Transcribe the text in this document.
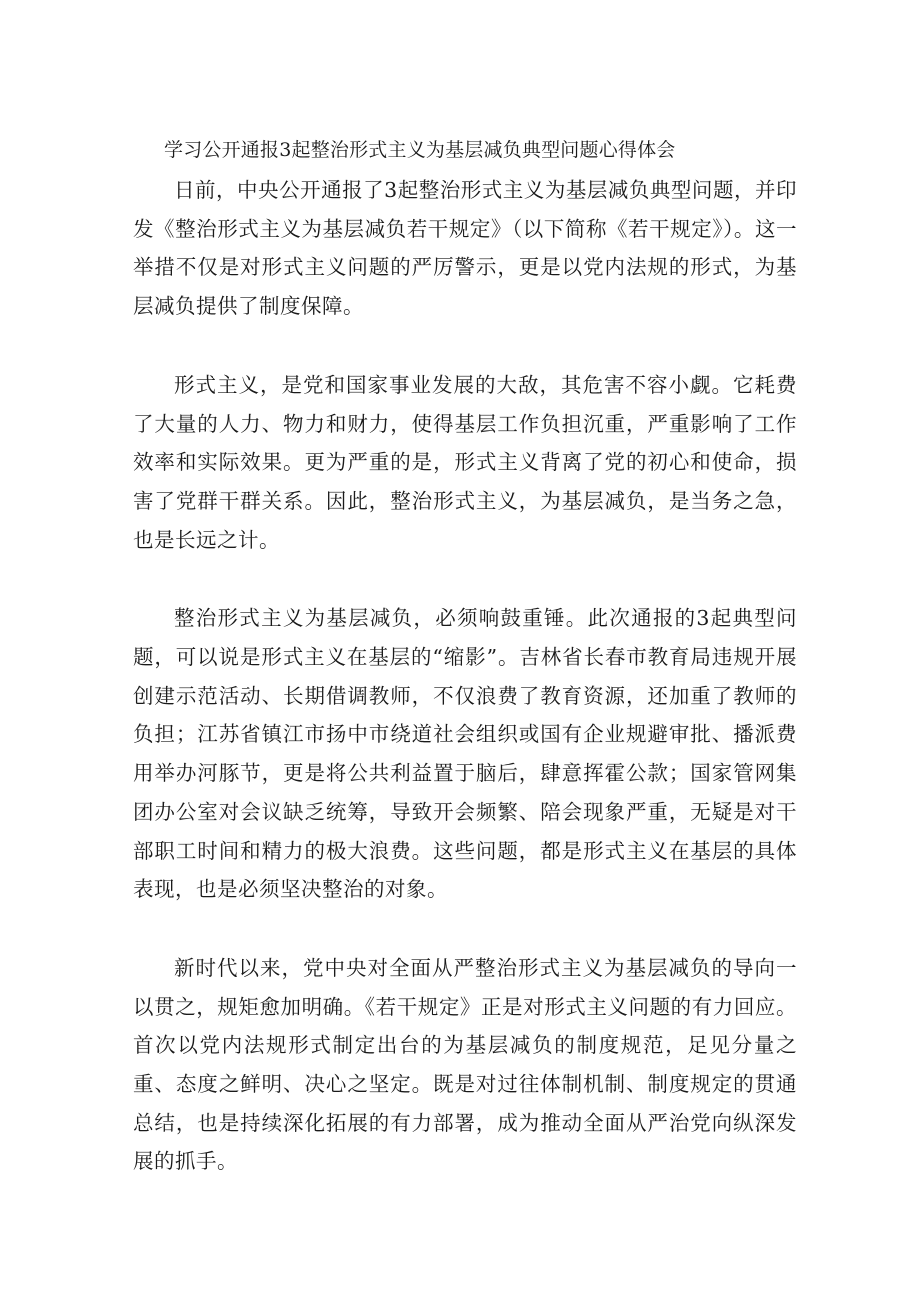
学习公开通报3起整治形式主义为基层减负典型问题心得体会

日前，中央公开通报了3起整治形式主义为基层减负典型问题，并印发《整治形式主义为基层减负若干规定》（以下简称《若干规定》）。这一举措不仅是对形式主义问题的严厉警示，更是以党内法规的形式，为基层减负提供了制度保障。

形式主义，是党和国家事业发展的大敌，其危害不容小觑。它耗费了大量的人力、物力和财力，使得基层工作负担沉重，严重影响了工作效率和实际效果。更为严重的是，形式主义背离了党的初心和使命，损害了党群干群关系。因此，整治形式主义，为基层减负，是当务之急，也是长远之计。

整治形式主义为基层减负，必须响鼓重锤。此次通报的3起典型问题，可以说是形式主义在基层的“缩影”。吉林省长春市教育局违规开展创建示范活动、长期借调教师，不仅浪费了教育资源，还加重了教师的负担；江苏省镇江市扬中市绕道社会组织或国有企业规避审批、播派费用举办河豚节，更是将公共利益置于脑后，肆意挥霍公款；国家管网集团办公室对会议缺乏统筹，导致开会频繁、陪会现象严重，无疑是对干部职工时间和精力的极大浪费。这些问题，都是形式主义在基层的具体表现，也是必须坚决整治的对象。

新时代以来，党中央对全面从严整治形式主义为基层减负的导向一以贯之，规矩愈加明确。《若干规定》正是对形式主义问题的有力回应。首次以党内法规形式制定出台的为基层减负的制度规范，足见分量之重、态度之鲜明、决心之坚定。既是对过往体制机制、制度规定的贯通总结，也是持续深化拓展的有力部署，成为推动全面从严治党向纵深发展的抓手。
